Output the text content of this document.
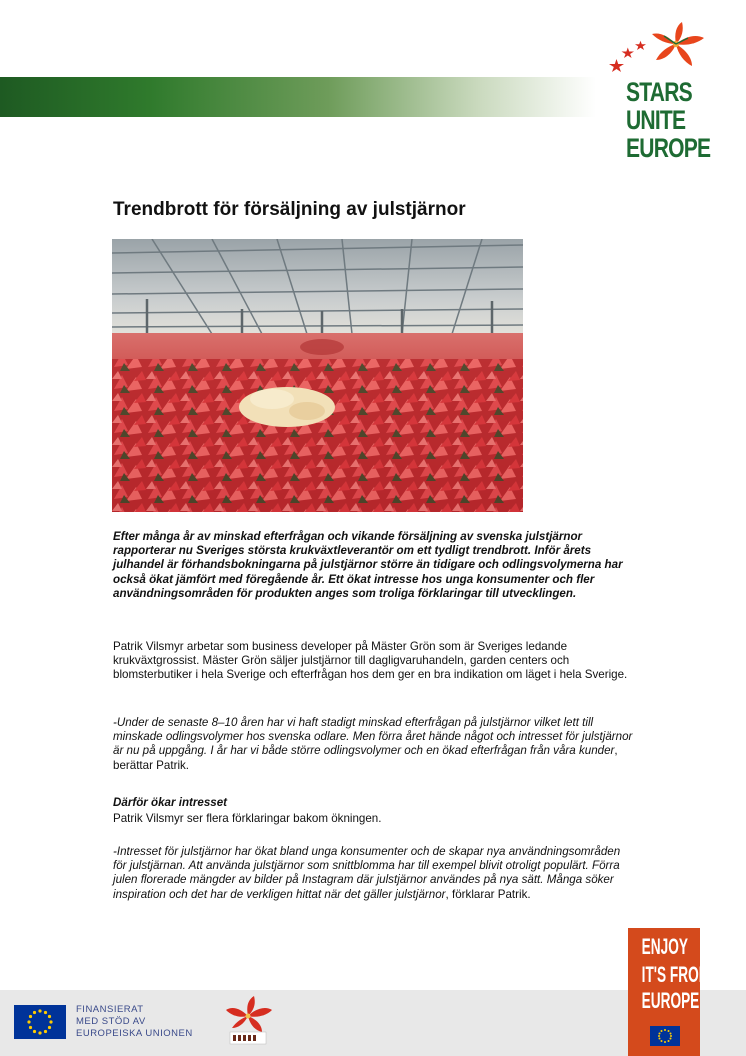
STARS
UNITE
EUROPE
Trendbrott för försäljning av julstjärnor

Efter många år av minskad efterfrågan och vikande försäljning av svenska julstjärnor rapporterar nu Sveriges största krukväxtleverantör om ett tydligt trendbrott. Inför årets julhandel är förhandsbokningarna på julstjärnor större än tidigare och odlingsvolymerna har också ökat jämfört med föregående år. Ett ökat intresse hos unga konsumenter och fler användningsområden för produkten anges som troliga förklaringar till utvecklingen.

Patrik Vilsmyr arbetar som business developer på Mäster Grön som är Sveriges ledande krukväxtgrossist. Mäster Grön säljer julstjärnor till dagligvaruhandeln, garden centers och blomsterbutiker i hela Sverige och efterfrågan hos dem ger en bra indikation om läget i hela Sverige.

-Under de senaste 8–10 åren har vi haft stadigt minskad efterfrågan på julstjärnor vilket lett till minskade odlingsvolymer hos svenska odlare. Men förra året hände något och intresset för julstjärnor är nu på uppgång. I år har vi både större odlingsvolymer och en ökad efterfrågan från våra kunder, berättar Patrik.

Därför ökar intresset

Patrik Vilsmyr ser flera förklaringar bakom ökningen.

-Intresset för julstjärnor har ökat bland unga konsumenter och de skapar nya användningsområden för julstjärnan. Att använda julstjärnor som snittblomma har till exempel blivit otroligt populärt. Förra julen florerade mängder av bilder på Instagram där julstjärnor användes på nya sätt. Många söker inspiration och det har de verkligen hittat när det gäller julstjärnor, förklarar Patrik.

FINANSIERAT
MED STÖD AV
EUROPEISKA UNIONEN
ENJOY
IT'S FROM
EUROPE
